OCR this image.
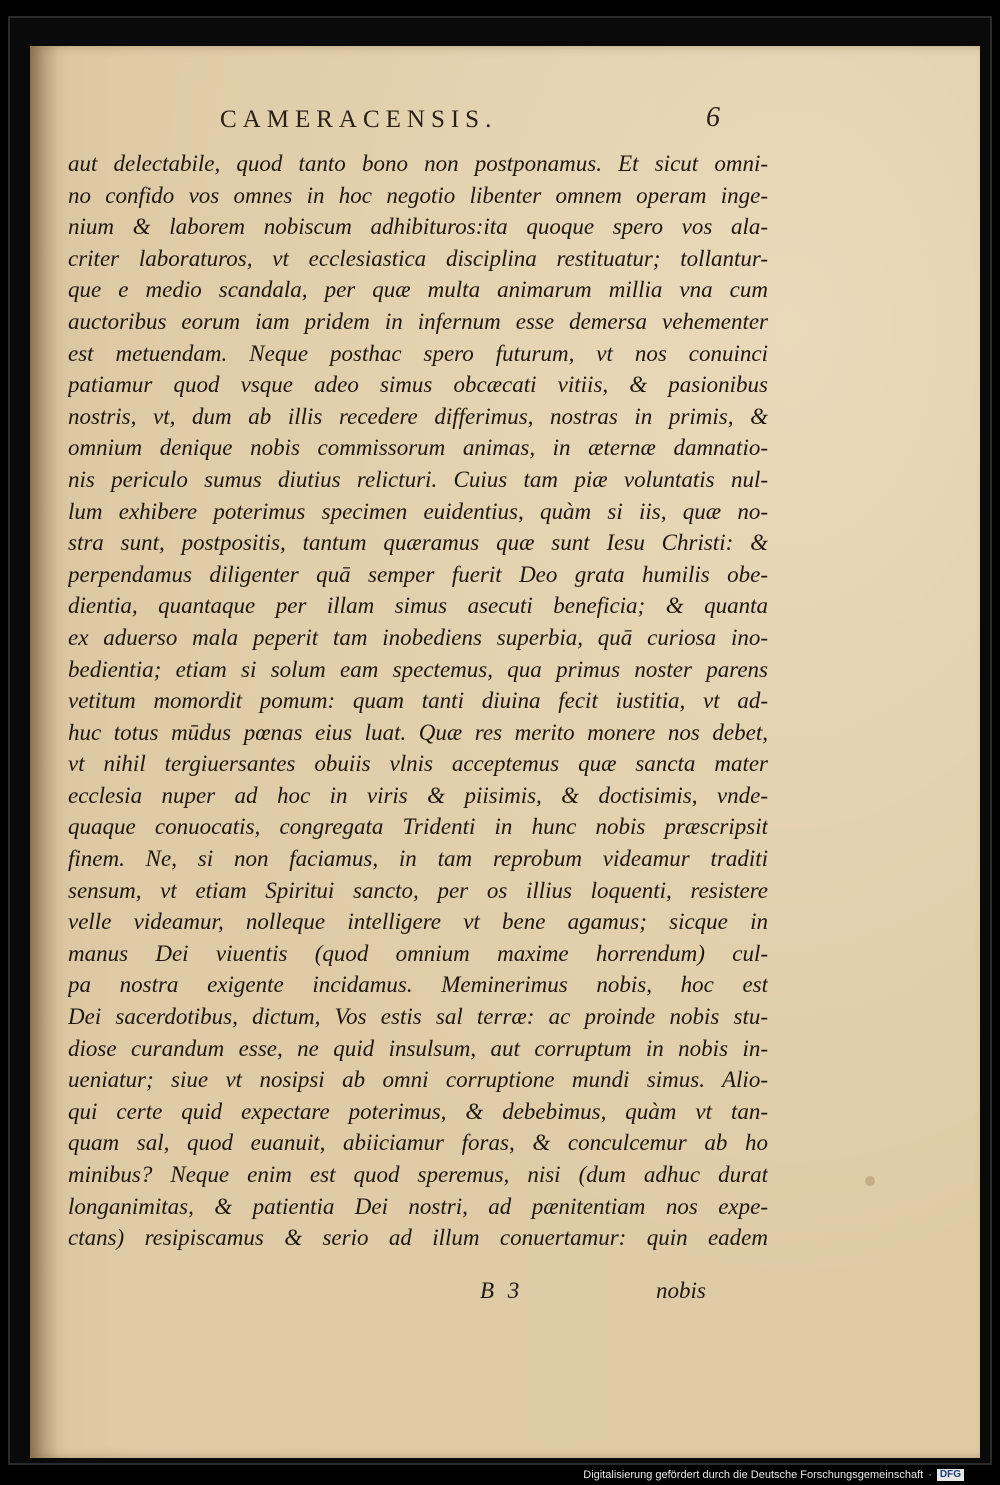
CAMERACENSIS.	6
aut delectabile, quod tanto bono non postponamus. Et sicut omni-
no confido vos omnes in hoc negotio libenter omnem operam inge-
nium & laborem nobiscum adhibituros:ita quoque spero vos ala-
criter laboraturos, vt ecclesiastica disciplina restituatur; tollantur-
que e medio scandala, per quæ multa animarum millia vna cum
auctoribus eorum iam pridem in infernum esse demersa vehementer
est metuendam. Neque posthac spero futurum, vt nos conuinci
patiamur quod vsque adeo simus obcæcati vitiis, & pasionibus
nostris, vt, dum ab illis recedere differimus, nostras in primis, &
omnium denique nobis commissorum animas, in æternæ damnatio-
nis periculo sumus diutius relicturi. Cuius tam piæ voluntatis nul-
lum exhibere poterimus specimen euidentius, quàm si iis, quæ no-
stra sunt, postpositis, tantum quæramus quæ sunt Iesu Christi: &
perpendamus diligenter quā semper fuerit Deo grata humilis obe-
dientia, quantaque per illam simus asecuti beneficia; & quanta
ex aduerso mala peperit tam inobediens superbia, quā curiosa ino-
bedientia; etiam si solum eam spectemus, qua primus noster parens
vetitum momordit pomum: quam tanti diuina fecit iustitia, vt ad-
huc totus mūdus pœnas eius luat. Quæ res merito monere nos debet,
vt nihil tergiuersantes obuiis vlnis acceptemus quæ sancta mater
ecclesia nuper ad hoc in viris & piisimis, & doctisimis, vnde-
quaque conuocatis, congregata Tridenti in hunc nobis præscripsit
finem. Ne, si non faciamus, in tam reprobum videamur traditi
sensum, vt etiam Spiritui sancto, per os illius loquenti, resistere
velle videamur, nolleque intelligere vt bene agamus; sicque in
manus Dei viuentis (quod omnium maxime horrendum) cul-
pa nostra exigente incidamus. Meminerimus nobis, hoc est
Dei sacerdotibus, dictum, Vos estis sal terræ: ac proinde nobis stu-
diose curandum esse, ne quid insulsum, aut corruptum in nobis in-
ueniatur; siue vt nosipsi ab omni corruptione mundi simus. Alio-
qui certe quid expectare poterimus, & debebimus, quàm vt tan-
quam sal, quod euanuit, abiiciamur foras, & conculcemur ab ho
minibus? Neque enim est quod speremus, nisi (dum adhuc durat
longanimitas, & patientia Dei nostri, ad pænitentiam nos expe-
ctans) resipiscamus & serio ad illum conuertamur: quin eadem
B 3	nobis
Digitalisierung gefördert durch die Deutsche Forschungsgemeinschaft · DFG
